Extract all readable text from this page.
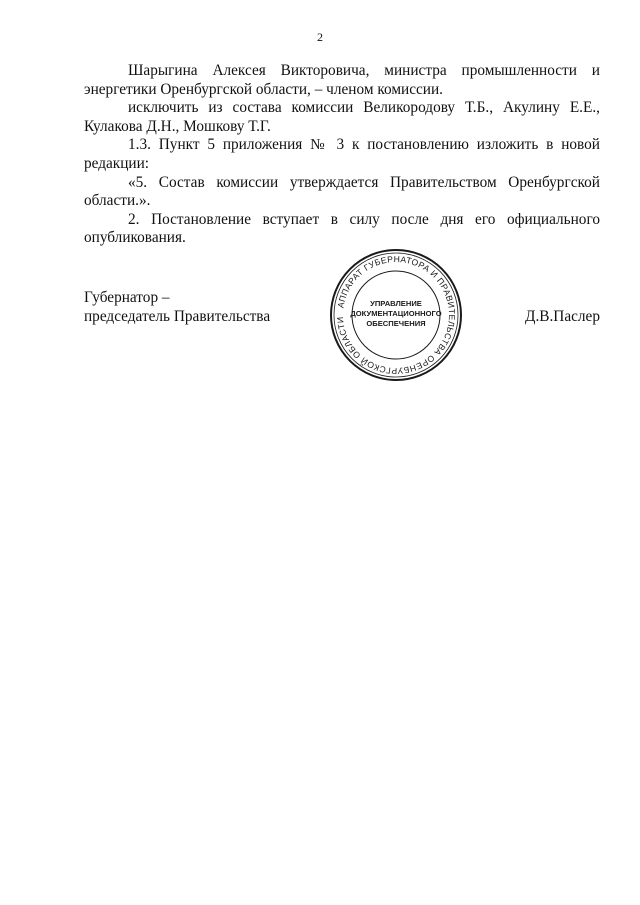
2

Шарыгина Алексея Викторовича, министра промышленности и энергетики Оренбургской области, – членом комиссии.

исключить из состава комиссии Великородову Т.Б., Акулину Е.Е., Кулакова Д.Н., Мошкову Т.Г.

1.3. Пункт 5 приложения № 3 к постановлению изложить в новой редакции:

«5. Состав комиссии утверждается Правительством Оренбургской области.».

2. Постановление вступает в силу после дня его официального опубликования.

Губернатор –
председатель Правительства
АППАРАТ ГУБЕРНАТОРА И ПРАВИТЕЛЬСТВА ОРЕНБУРГСКОЙ ОБЛАСТИ
УПРАВЛЕНИЕ
ДОКУМЕНТАЦИОННОГО
ОБЕСПЕЧЕНИЯ	Д.В.Паслер
